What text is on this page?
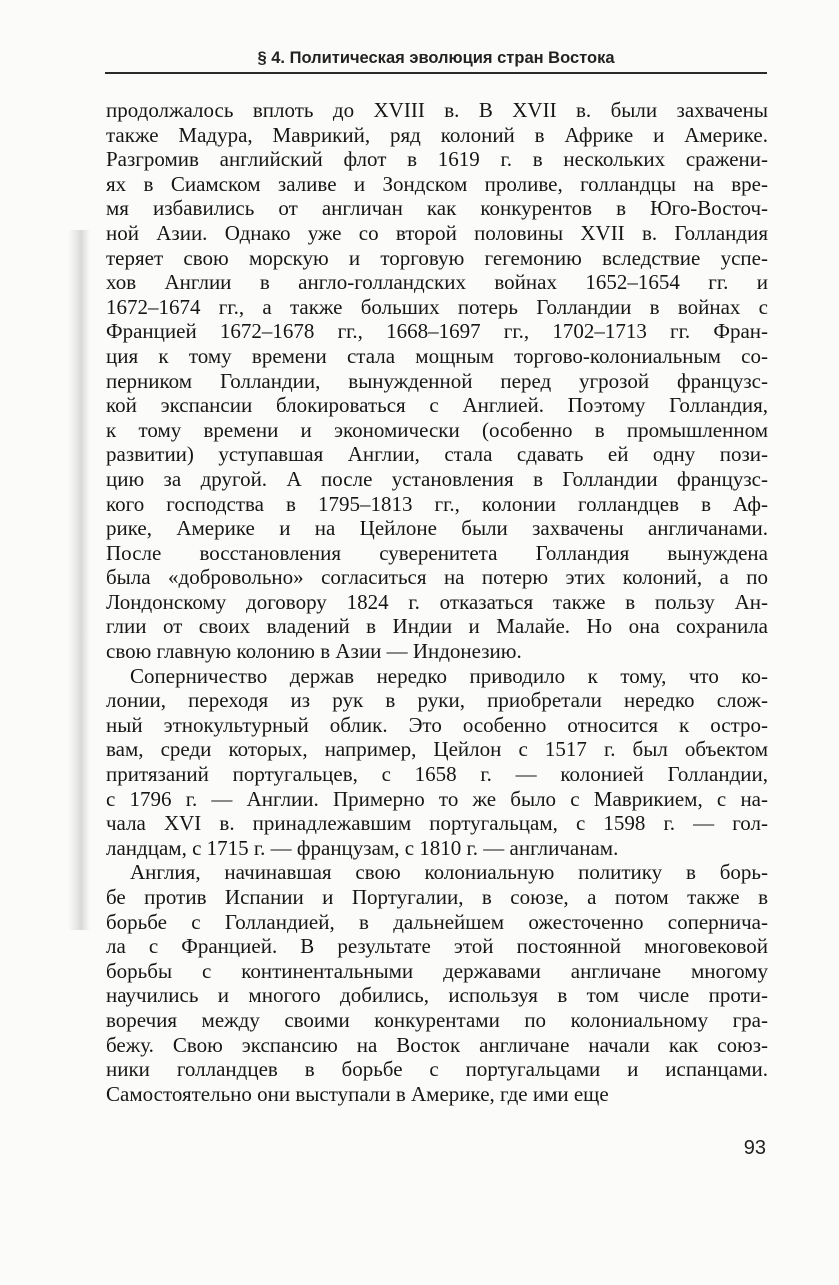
§ 4. Политическая эволюция стран Востока
продолжалось вплоть до XVIII в. В XVII в. были захвачены
также Мадура, Маврикий, ряд колоний в Африке и Америке.
Разгромив английский флот в 1619 г. в нескольких сражени-
ях в Сиамском заливе и Зондском проливе, голландцы на вре-
мя избавились от англичан как конкурентов в Юго-Восточ-
ной Азии. Однако уже со второй половины XVII в. Голландия
теряет свою морскую и торговую гегемонию вследствие успе-
хов Англии в англо-голландских войнах 1652–1654 гг. и
1672–1674 гг., а также больших потерь Голландии в войнах с
Францией 1672–1678 гг., 1668–1697 гг., 1702–1713 гг. Фран-
ция к тому времени стала мощным торгово-колониальным со-
перником Голландии, вынужденной перед угрозой французс-
кой экспансии блокироваться с Англией. Поэтому Голландия,
к тому времени и экономически (особенно в промышленном
развитии) уступавшая Англии, стала сдавать ей одну пози-
цию за другой. А после установления в Голландии французс-
кого господства в 1795–1813 гг., колонии голландцев в Аф-
рике, Америке и на Цейлоне были захвачены англичанами.
После восстановления суверенитета Голландия вынуждена
была «добровольно» согласиться на потерю этих колоний, а по
Лондонскому договору 1824 г. отказаться также в пользу Ан-
глии от своих владений в Индии и Малайе. Но она сохранила
свою главную колонию в Азии — Индонезию.
Соперничество держав нередко приводило к тому, что ко-
лонии, переходя из рук в руки, приобретали нередко слож-
ный этнокультурный облик. Это особенно относится к остро-
вам, среди которых, например, Цейлон с 1517 г. был объектом
притязаний португальцев, с 1658 г. — колонией Голландии,
с 1796 г. — Англии. Примерно то же было с Маврикием, с на-
чала XVI в. принадлежавшим португальцам, с 1598 г. — гол-
ландцам, с 1715 г. — французам, с 1810 г. — англичанам.
Англия, начинавшая свою колониальную политику в борь-
бе против Испании и Португалии, в союзе, а потом также в
борьбе с Голландией, в дальнейшем ожесточенно сопернича-
ла с Францией. В результате этой постоянной многовековой
борьбы с континентальными державами англичане многому
научились и многого добились, используя в том числе проти-
воречия между своими конкурентами по колониальному гра-
бежу. Свою экспансию на Восток англичане начали как союз-
ники голландцев в борьбе с португальцами и испанцами.
Самостоятельно они выступали в Америке, где ими еще
93
